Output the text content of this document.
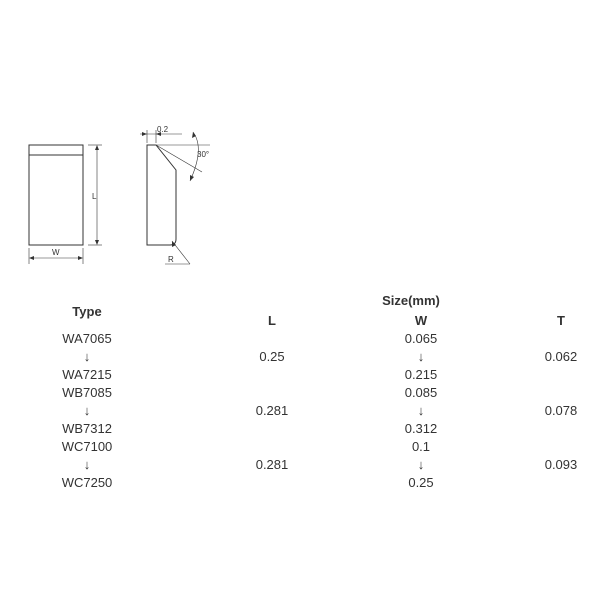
W
L
0.2
30°
R
Type
Size(mm)
L	W	T
WA7065
↓
WA7215
0.25
0.065
↓
0.215
0.062
WB7085
↓
WB7312
0.281
0.085
↓
0.312
0.078
WC7100
↓
WC7250
0.281
0.1
↓
0.25
0.093
